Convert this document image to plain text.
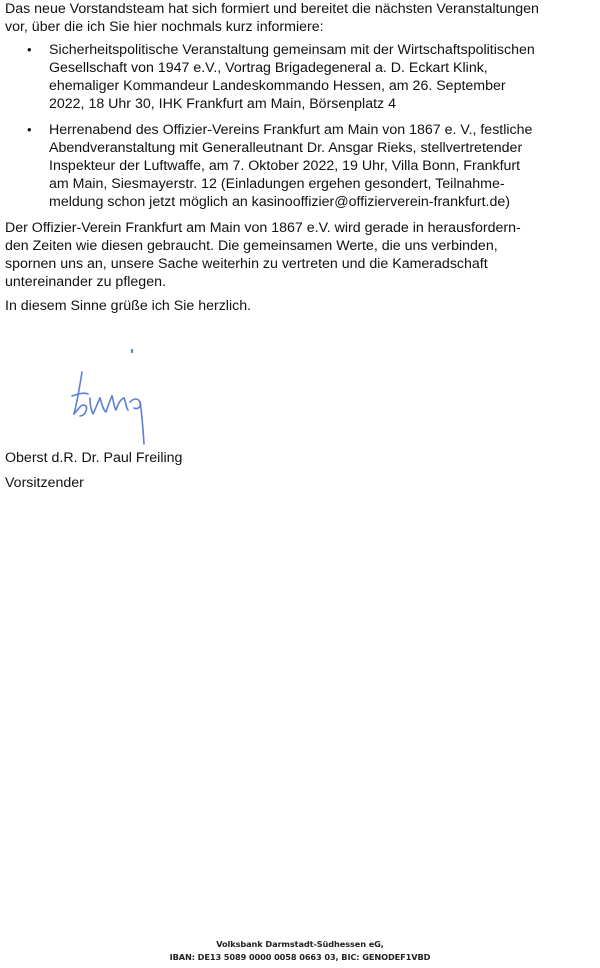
Das neue Vorstandsteam hat sich formiert und bereitet die nächsten Veranstaltungen
vor, über die ich Sie hier nochmals kurz informiere:
•	Sicherheitspolitische Veranstaltung gemeinsam mit der Wirtschaftspolitischen
Gesellschaft von 1947 e.V., Vortrag Brigadegeneral a. D. Eckart Klink,
ehemaliger Kommandeur Landeskommando Hessen, am 26. September
2022, 18 Uhr 30, IHK Frankfurt am Main, Börsenplatz 4
•	Herrenabend des Offizier-Vereins Frankfurt am Main von 1867 e. V., festliche
Abendveranstaltung mit Generalleutnant Dr. Ansgar Rieks, stellvertretender
Inspekteur der Luftwaffe, am 7. Oktober 2022, 19 Uhr, Villa Bonn, Frankfurt
am Main, Siesmayerstr. 12 (Einladungen ergehen gesondert, Teilnahme-
meldung schon jetzt möglich an kasinooffizier@offizierverein-frankfurt.de)
Der Offizier-Verein Frankfurt am Main von 1867 e.V. wird gerade in herausfordern-
den Zeiten wie diesen gebraucht. Die gemeinsamen Werte, die uns verbinden,
spornen uns an, unsere Sache weiterhin zu vertreten und die Kameradschaft
untereinander zu pflegen.
In diesem Sinne grüße ich Sie herzlich.
Oberst d.R. Dr. Paul Freiling
Vorsitzender
Volksbank Darmstadt-Südhessen eG,
IBAN: DE13 5089 0000 0058 0663 03, BIC: GENODEF1VBD
